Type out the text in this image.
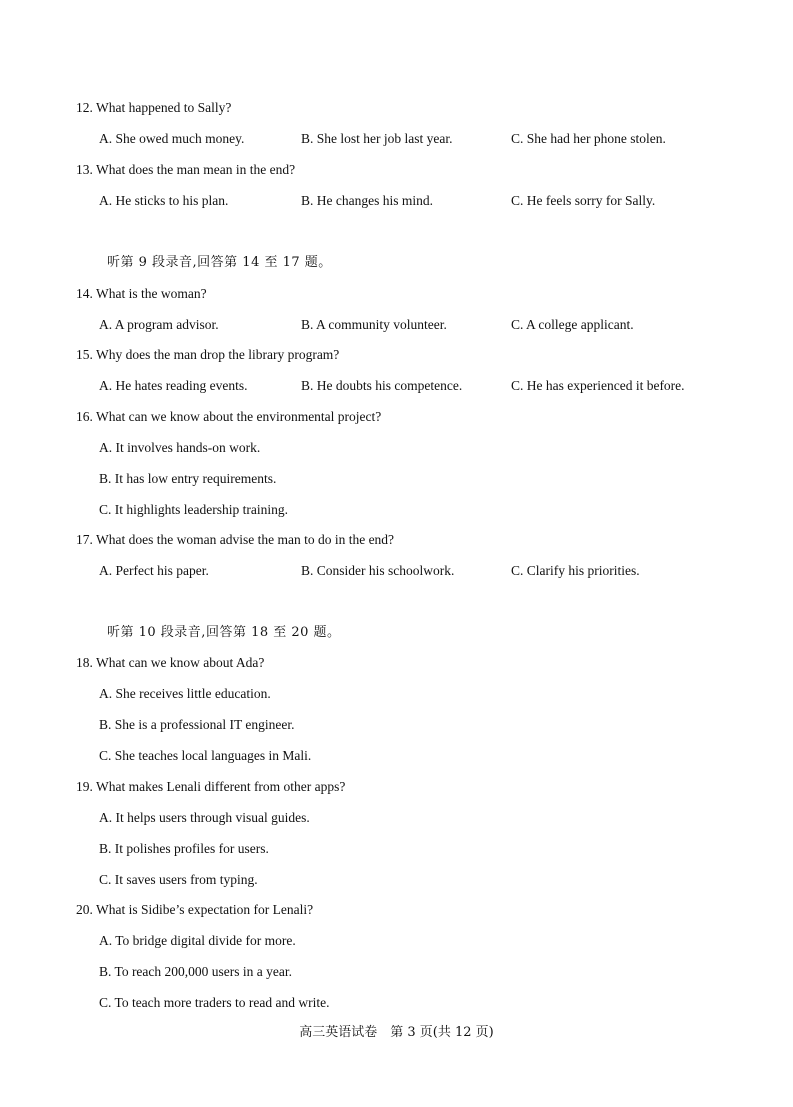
12. What happened to Sally?
A. She owed much money.	B. She lost her job last year.	C. She had her phone stolen.
13. What does the man mean in the end?
A. He sticks to his plan.	B. He changes his mind.	C. He feels sorry for Sally.
听第 9 段录音,回答第 14 至 17 题。
14. What is the woman?
A. A program advisor.	B. A community volunteer.	C. A college applicant.
15. Why does the man drop the library program?
A. He hates reading events.	B. He doubts his competence.	C. He has experienced it before.
16. What can we know about the environmental project?
A. It involves hands-on work.
B. It has low entry requirements.
C. It highlights leadership training.
17. What does the woman advise the man to do in the end?
A. Perfect his paper.	B. Consider his schoolwork.	C. Clarify his priorities.
听第 10 段录音,回答第 18 至 20 题。
18. What can we know about Ada?
A. She receives little education.
B. She is a professional IT engineer.
C. She teaches local languages in Mali.
19. What makes Lenali different from other apps?
A. It helps users through visual guides.
B. It polishes profiles for users.
C. It saves users from typing.
20. What is Sidibe’s expectation for Lenali?
A. To bridge digital divide for more.
B. To reach 200,000 users in a year.
C. To teach more traders to read and write.
高三英语试卷　第 3 页(共 12 页)
